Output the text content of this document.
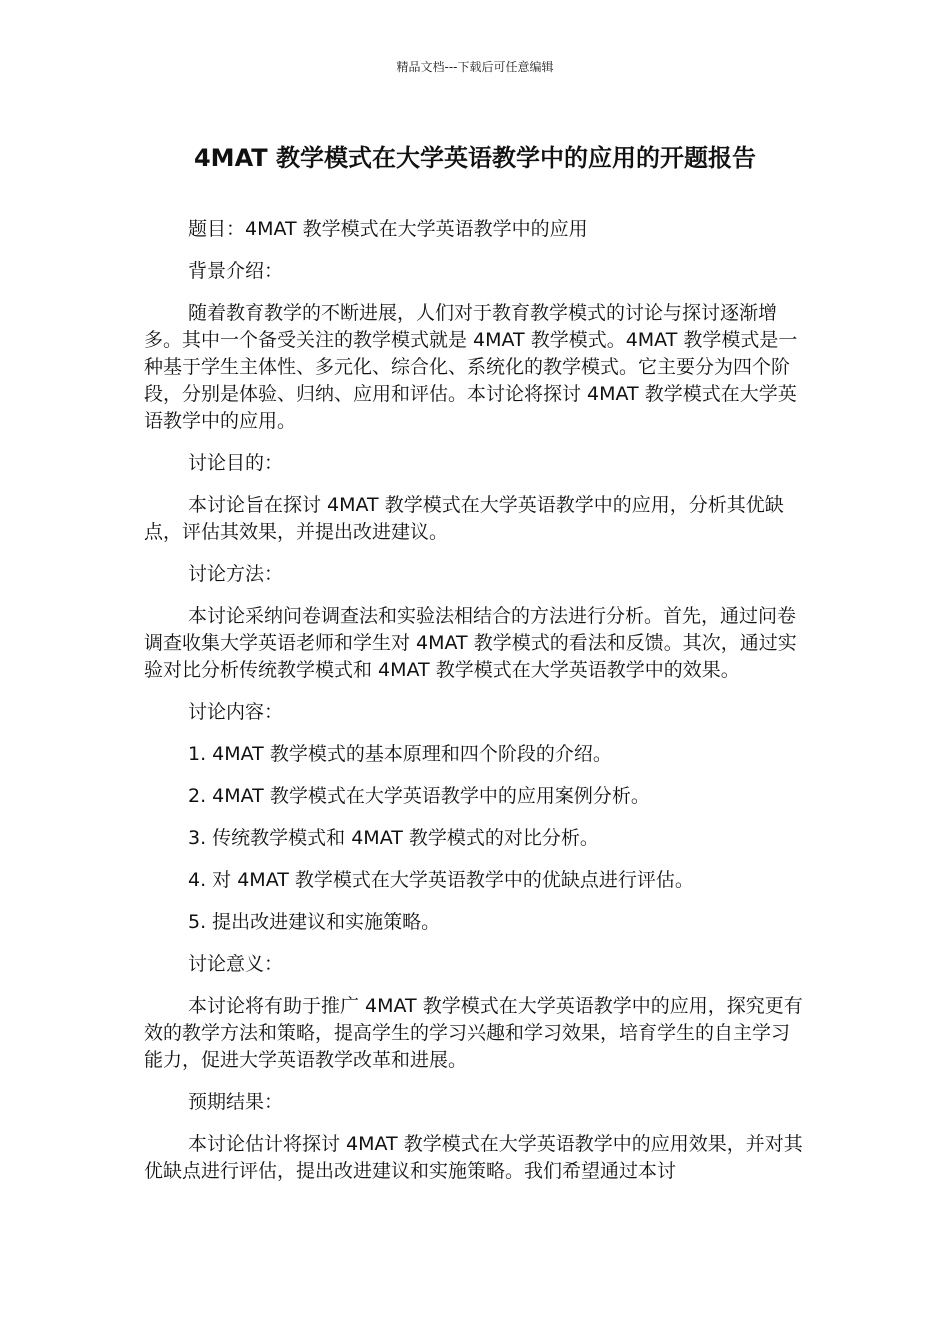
精品文档---下载后可任意编辑
4MAT 教学模式在大学英语教学中的应用的开题报告

题目：4MAT 教学模式在大学英语教学中的应用

背景介绍：

随着教育教学的不断进展，人们对于教育教学模式的讨论与探讨逐渐增多。其中一个备受关注的教学模式就是 4MAT 教学模式。4MAT 教学模式是一种基于学生主体性、多元化、综合化、系统化的教学模式。它主要分为四个阶段，分别是体验、归纳、应用和评估。本讨论将探讨 4MAT 教学模式在大学英语教学中的应用。

讨论目的：

本讨论旨在探讨 4MAT 教学模式在大学英语教学中的应用，分析其优缺点，评估其效果，并提出改进建议。

讨论方法：

本讨论采纳问卷调查法和实验法相结合的方法进行分析。首先，通过问卷调查收集大学英语老师和学生对 4MAT 教学模式的看法和反馈。其次，通过实验对比分析传统教学模式和 4MAT 教学模式在大学英语教学中的效果。

讨论内容：

1. 4MAT 教学模式的基本原理和四个阶段的介绍。

2. 4MAT 教学模式在大学英语教学中的应用案例分析。

3. 传统教学模式和 4MAT 教学模式的对比分析。

4. 对 4MAT 教学模式在大学英语教学中的优缺点进行评估。

5. 提出改进建议和实施策略。

讨论意义：

本讨论将有助于推广 4MAT 教学模式在大学英语教学中的应用，探究更有效的教学方法和策略，提高学生的学习兴趣和学习效果，培育学生的自主学习能力，促进大学英语教学改革和进展。

预期结果：

本讨论估计将探讨 4MAT 教学模式在大学英语教学中的应用效果，并对其优缺点进行评估，提出改进建议和实施策略。我们希望通过本讨
